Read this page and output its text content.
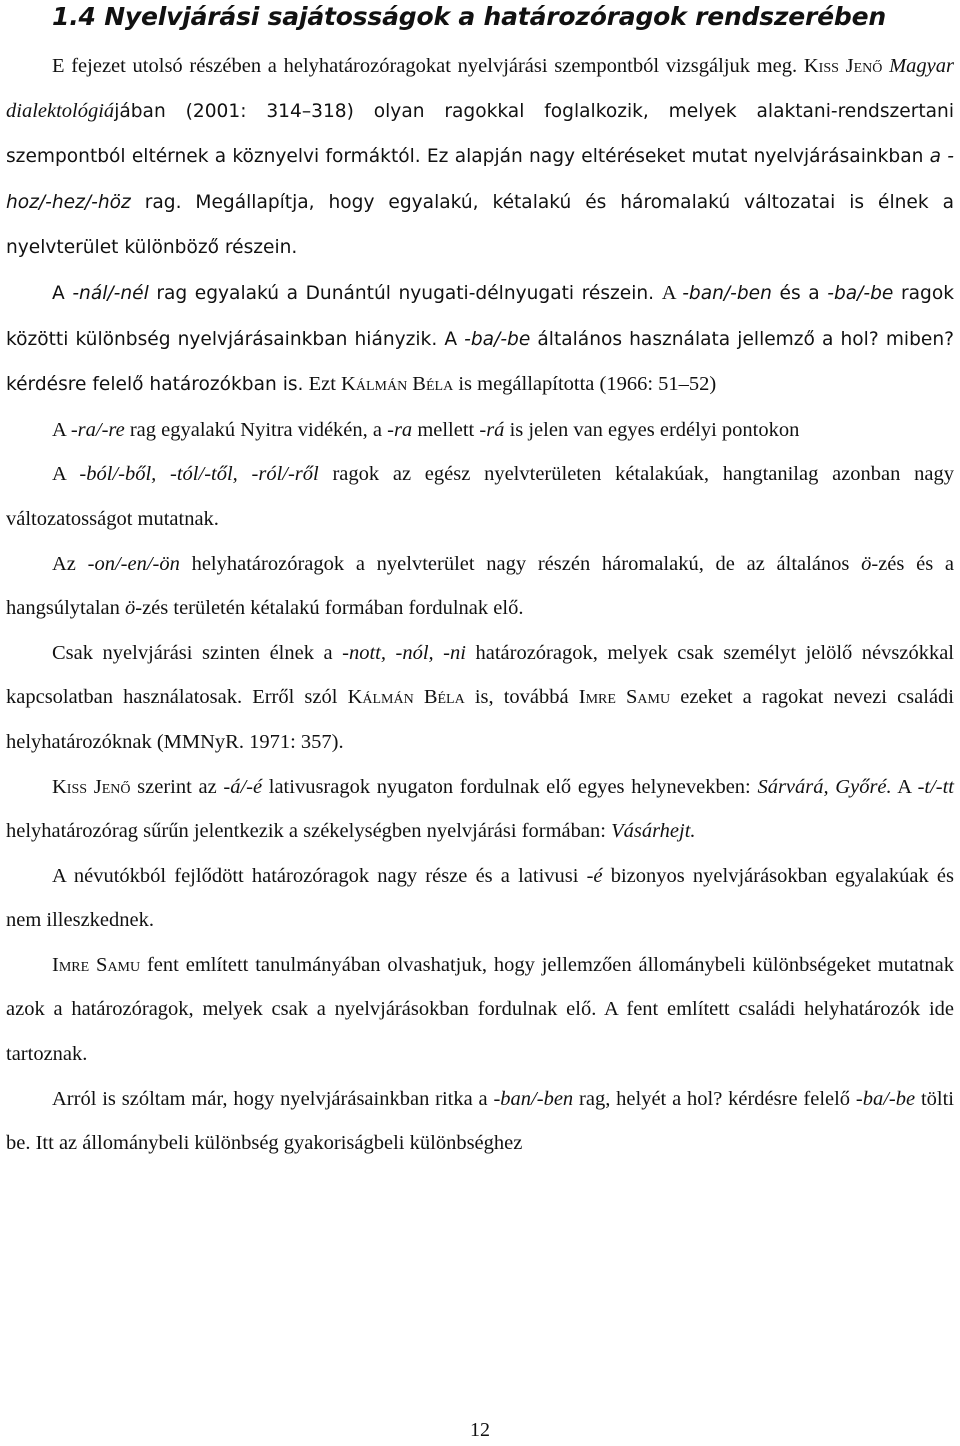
1.4 Nyelvjárási sajátosságok a határozóragok rendszerében

E fejezet utolsó részében a helyhatározóragokat nyelvjárási szempontból vizsgáljuk meg. Kiss Jenő Magyar dialektológiájában (2001: 314–318) olyan ragokkal foglalkozik, melyek alaktani-rendszertani szempontból eltérnek a köznyelvi formáktól. Ez alapján nagy eltéréseket mutat nyelvjárásainkban a -hoz/-hez/-höz rag. Megállapítja, hogy egyalakú, kétalakú és háromalakú változatai is élnek a nyelvterület különböző részein.

A -nál/-nél rag egyalakú a Dunántúl nyugati-délnyugati részein. A -ban/-ben és a -ba/-be ragok közötti különbség nyelvjárásainkban hiányzik. A -ba/-be általános használata jellemző a hol? miben? kérdésre felelő határozókban is. Ezt Kálmán Béla is megállapította (1966: 51–52)

A -ra/-re rag egyalakú Nyitra vidékén, a -ra mellett -rá is jelen van egyes erdélyi pontokon

A -ból/-ből, -tól/-től, -ról/-ről ragok az egész nyelvterületen kétalakúak, hangtanilag azonban nagy változatosságot mutatnak.

Az -on/-en/-ön helyhatározóragok a nyelvterület nagy részén háromalakú, de az általános ö-zés és a hangsúlytalan ö-zés területén kétalakú formában fordulnak elő.

Csak nyelvjárási szinten élnek a -nott, -nól, -ni határozóragok, melyek csak személyt jelölő névszókkal kapcsolatban használatosak. Erről szól Kálmán Béla is, továbbá Imre Samu ezeket a ragokat nevezi családi helyhatározóknak (MMNyR. 1971: 357).

Kiss Jenő szerint az -á/-é lativusragok nyugaton fordulnak elő egyes helynevekben: Sárvárá, Győré. A -t/-tt helyhatározórag sűrűn jelentkezik a székelységben nyelvjárási formában: Vásárhejt.

A névutókból fejlődött határozóragok nagy része és a lativusi -é bizonyos nyelvjárásokban egyalakúak és nem illeszkednek.

Imre Samu fent említett tanulmányában olvashatjuk, hogy jellemzően állománybeli különbségeket mutatnak azok a határozóragok, melyek csak a nyelvjárásokban fordulnak elő. A fent említett családi helyhatározók ide tartoznak.

Arról is szóltam már, hogy nyelvjárásainkban ritka a -ban/-ben rag, helyét a hol? kérdésre felelő -ba/-be tölti be. Itt az állománybeli különbség gyakoriságbeli különbséghez

12
